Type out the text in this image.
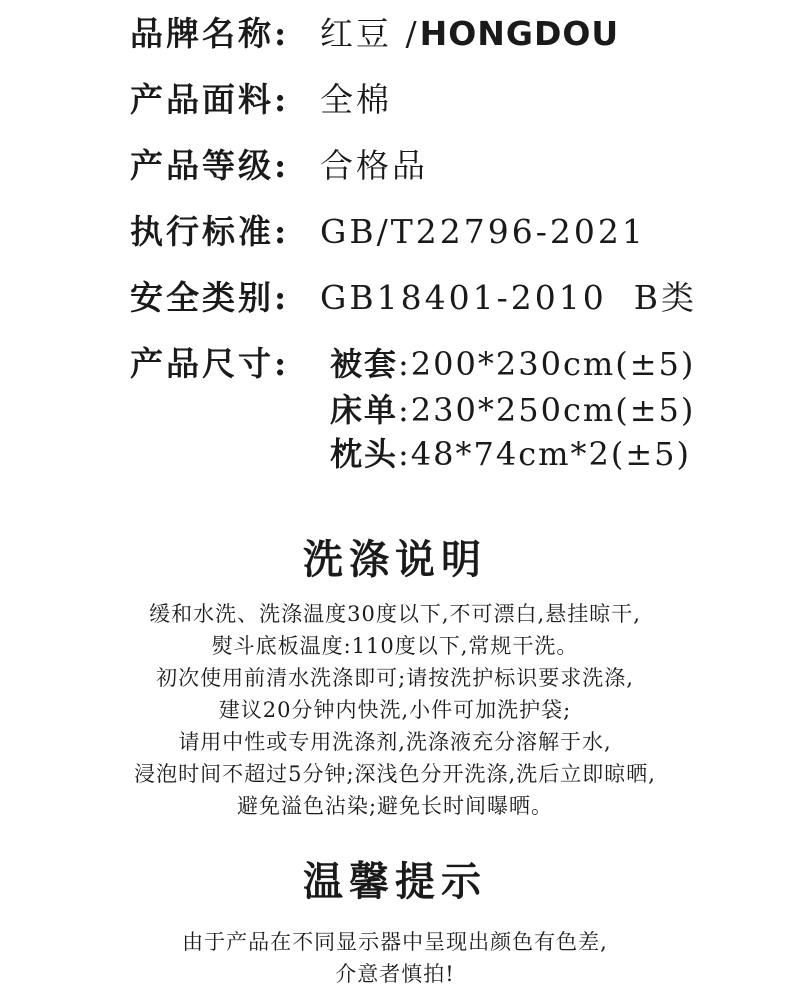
品牌名称: 红豆 /HONGDOU
产品面料: 全棉
产品等级: 合格品
执行标准: GB/T22796-2021
安全类别: GB18401-2010  B类
产品尺寸:	被套:200*230cm(±5)
床单:230*250cm(±5)
枕头:48*74cm*2(±5)
洗涤说明
缓和水洗、洗涤温度30度以下,不可漂白,悬挂晾干,
熨斗底板温度:110度以下,常规干洗。
初次使用前清水洗涤即可;请按洗护标识要求洗涤,
建议20分钟内快洗,小件可加洗护袋;
请用中性或专用洗涤剂,洗涤液充分溶解于水,
浸泡时间不超过5分钟;深浅色分开洗涤,洗后立即晾晒,
避免溢色沾染;避免长时间曝晒。
温馨提示
由于产品在不同显示器中呈现出颜色有色差,
介意者慎拍!
